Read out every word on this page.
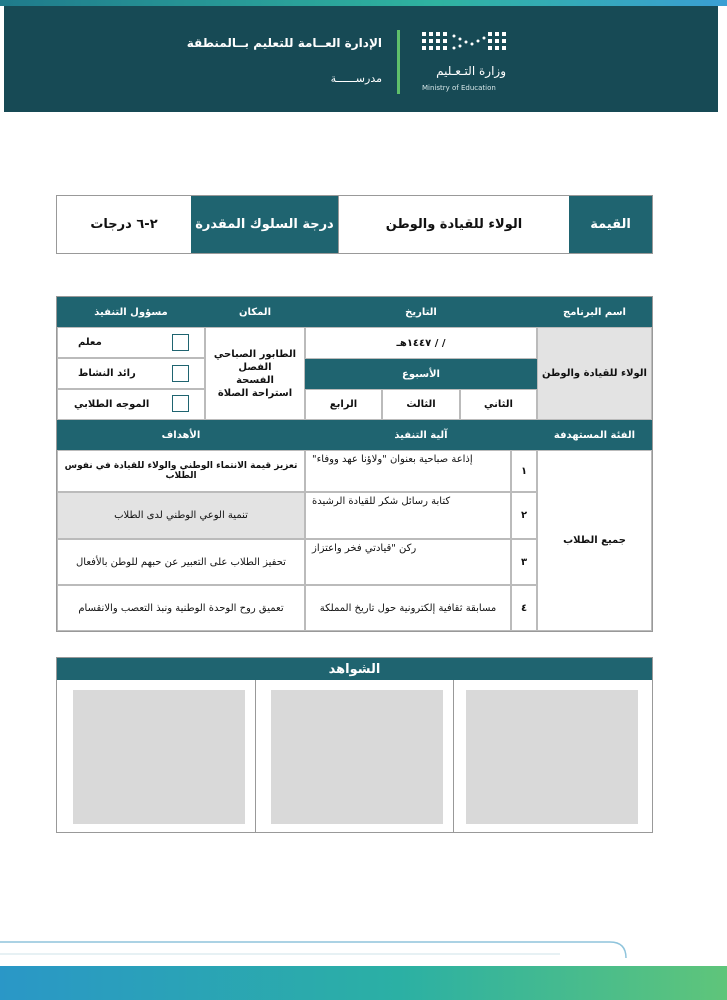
الإدارة العــامة للتعليم بــالمنطقة
مدرســــــة
وزارة التـعـليم
Ministry of Education
القيمة
الولاء للقيادة والوطن
درجة السلوك المقدرة
٢-٦ درجات
اسم البرنامج
التاريخ
المكان
مسؤول التنفيذ
الولاء للقيادة والوطن
/ / ١٤٤٧هـ
الأسبوع
الثاني
الثالث
الرابع
الطابور الصباحي
الفصل
الفسحة
استراحة الصلاة
معلم
رائد النشاط
الموجه الطلابي
الفئة المستهدفة
آلية التنفيذ
الأهداف
جميع الطلاب
١
إذاعة صباحية بعنوان "ولاؤنا عهد ووفاء"
تعزيز قيمة الانتماء الوطني والولاء للقيادة في نفوس الطلاب
٢
كتابة رسائل شكر للقيادة الرشيدة
تنمية الوعي الوطني لدى الطلاب
٣
ركن "قيادتي فخر واعتزاز
تحفيز الطلاب على التعبير عن حبهم للوطن بالأفعال
٤
مسابقة ثقافية إلكترونية حول تاريخ المملكة
تعميق روح الوحدة الوطنية ونبذ التعصب والانقسام
الشواهد
